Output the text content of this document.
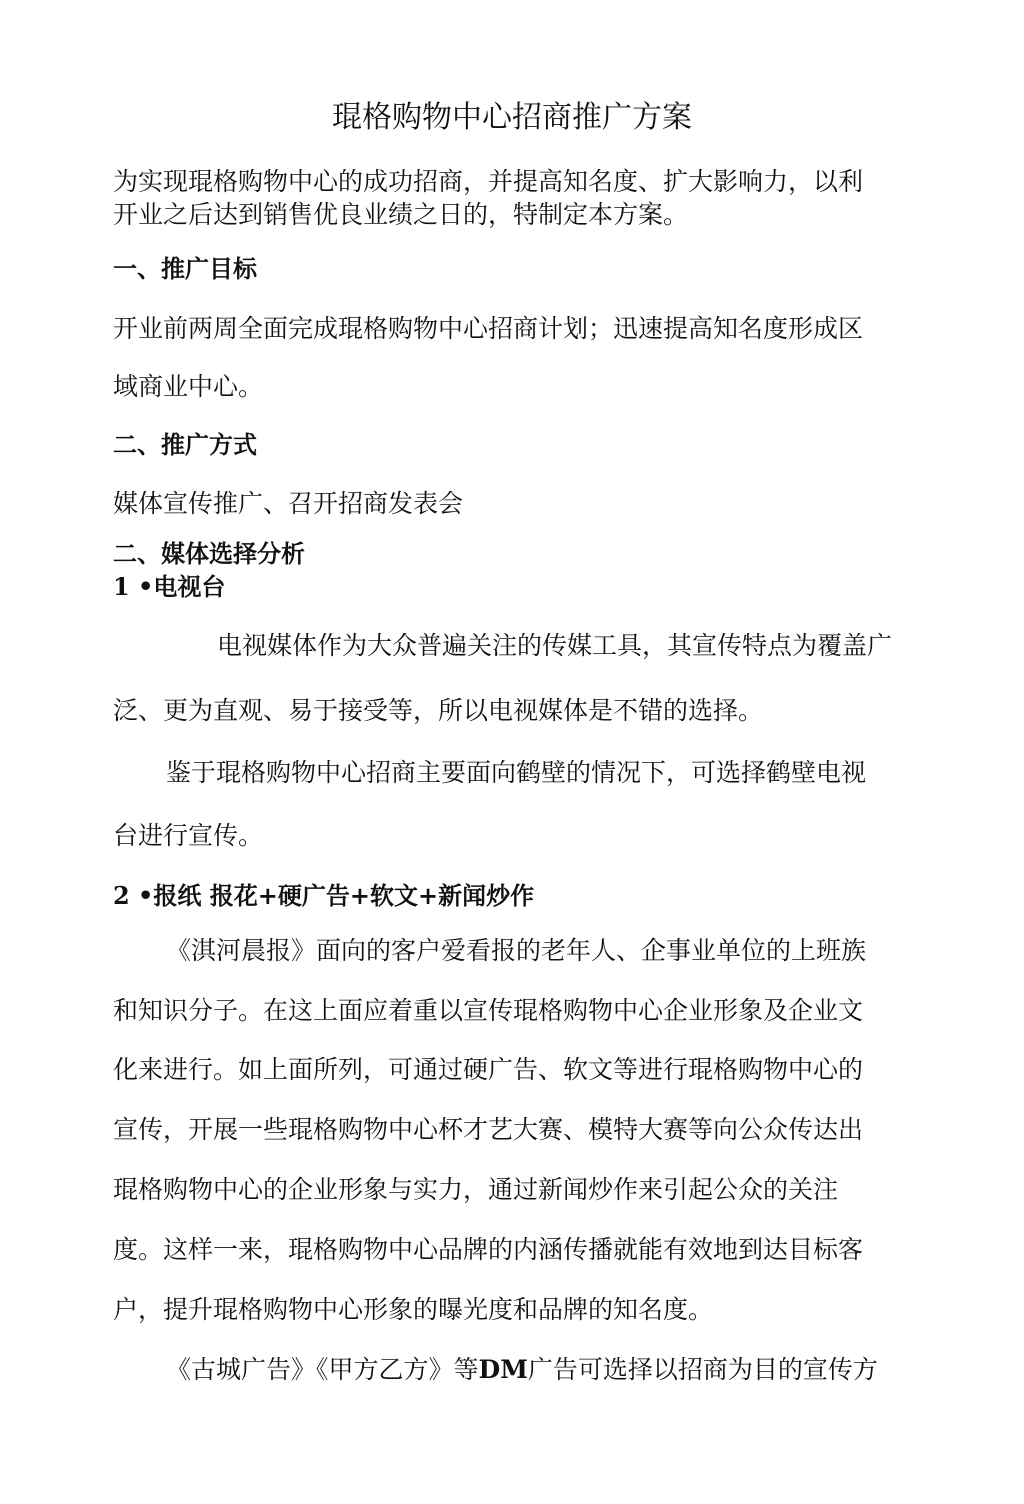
琨格购物中心招商推广方案
为实现琨格购物中心的成功招商，并提高知名度、扩大影响力，以利
开业之后达到销售优良业绩之日的，特制定本方案。
一、推广目标
开业前两周全面完成琨格购物中心招商计划；迅速提高知名度形成区
域商业中心。
二、推广方式
媒体宣传推广、召开招商发表会
二、媒体选择分析
1 •电视台
电视媒体作为大众普遍关注的传媒工具，其宣传特点为覆盖广
泛、更为直观、易于接受等，所以电视媒体是不错的选择。
鉴于琨格购物中心招商主要面向鹤壁的情况下，可选择鹤壁电视
台进行宣传。
2 •报纸 报花+硬广告+软文+新闻炒作
《淇河晨报》面向的客户爱看报的老年人、企事业单位的上班族
和知识分子。在这上面应着重以宣传琨格购物中心企业形象及企业文
化来进行。如上面所列，可通过硬广告、软文等进行琨格购物中心的
宣传，开展一些琨格购物中心杯才艺大赛、模特大赛等向公众传达出
琨格购物中心的企业形象与实力，通过新闻炒作来引起公众的关注
度。这样一来，琨格购物中心品牌的内涵传播就能有效地到达目标客
户，提升琨格购物中心形象的曝光度和品牌的知名度。
《古城广告》《甲方乙方》等DM广告可选择以招商为目的宣传方
